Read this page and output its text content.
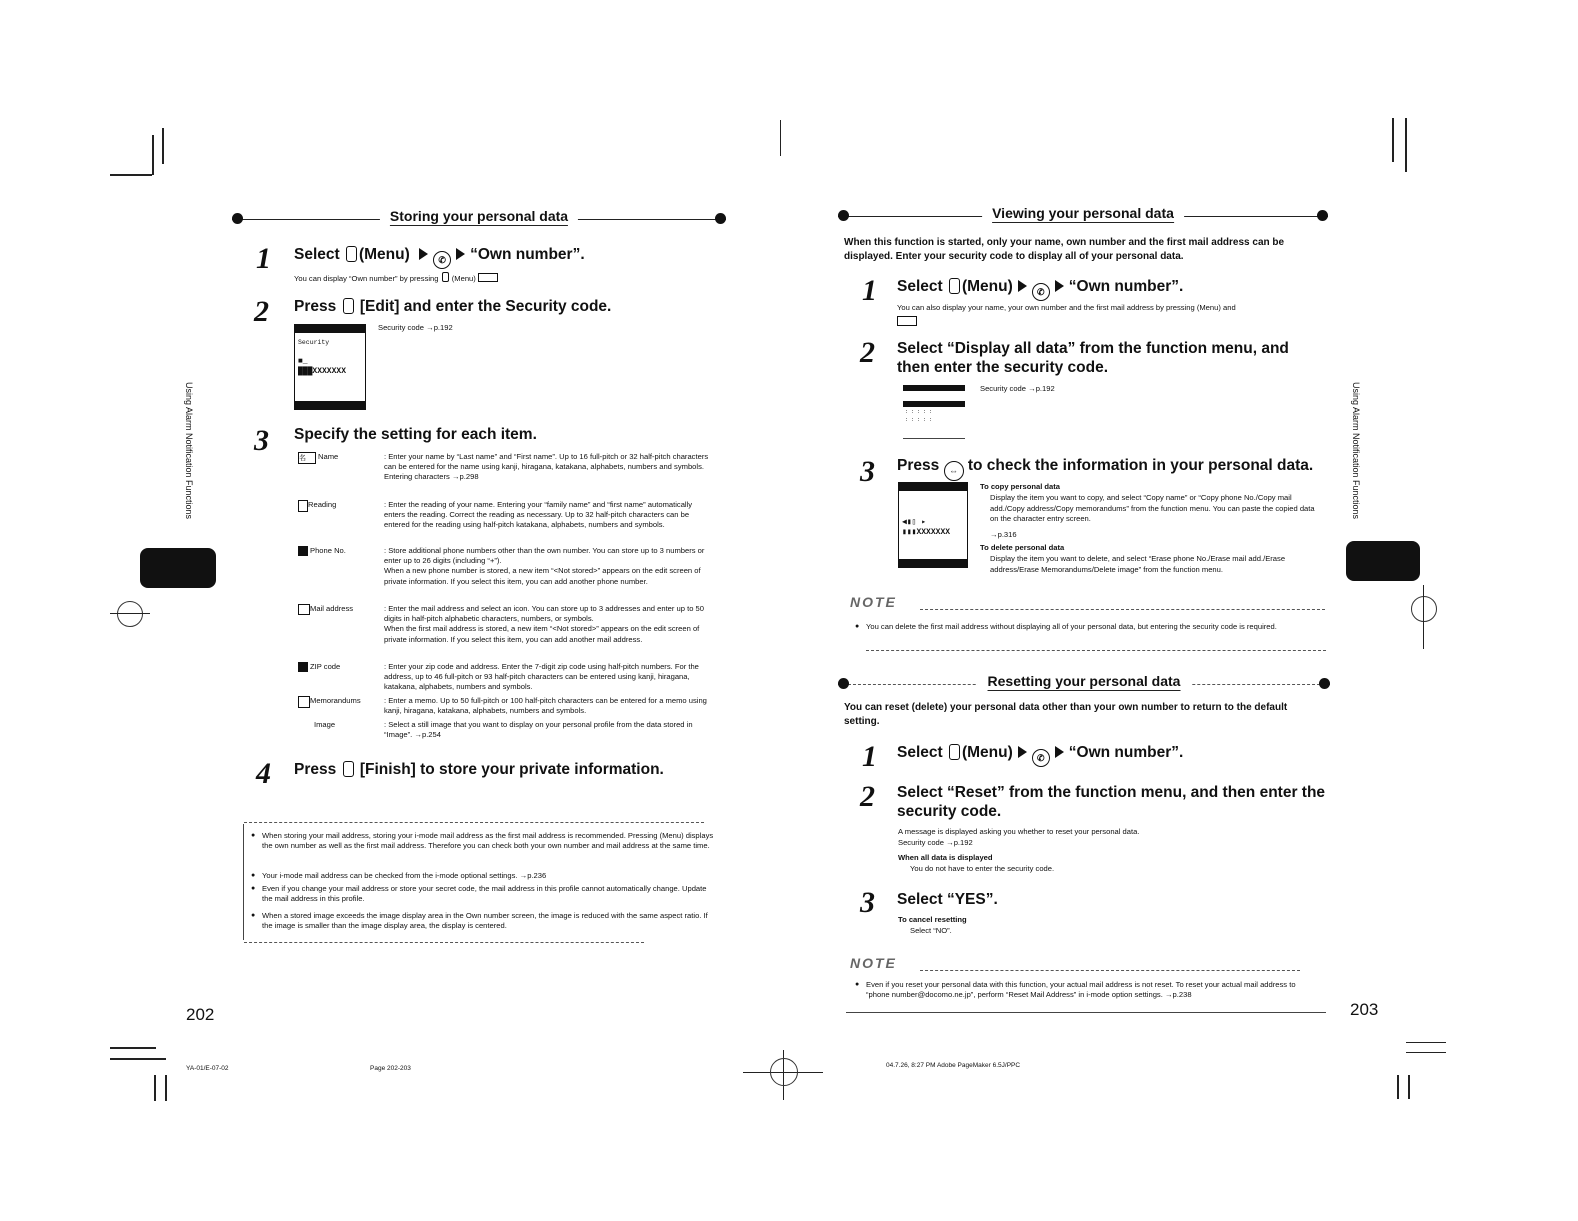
Using Alarm Notification Functions	Using Alarm Notification Functions
Storing your personal data
1 Select (Menu)	✆ “Own number”.
You can display “Own number” by pressing (Menu)
2 Press [Edit] and enter the Security code.
Security
■_
███XXXXXXX
Security code →p.192
3 Specify the setting for each item.
Name	: Enter your name by “Last name” and “First name”. Up to 16 full-pitch or 32 half-pitch characters can be entered for the name using kanji, hiragana, katakana, alphabets, numbers and symbols.
Entering characters →p.298
Reading	: Enter the reading of your name. Entering your “family name” and “first name” automatically enters the reading. Correct the reading as necessary. Up to 32 half-pitch characters can be entered for the reading using half-pitch katakana, alphabets, numbers and symbols.
Phone No.	: Store additional phone numbers other than the own number. You can store up to 3 numbers or enter up to 26 digits (including “+”).
When a new phone number is stored, a new item “<Not stored>” appears on the edit screen of private information. If you select this item, you can add another phone number.
Mail address	: Enter the mail address and select an icon. You can store up to 3 addresses and enter up to 50 digits in half-pitch alphabetic characters, numbers, or symbols.
When the first mail address is stored, a new item “<Not stored>” appears on the edit screen of private information. If you select this item, you can add another mail address.
ZIP code	: Enter your zip code and address. Enter the 7-digit zip code using half-pitch numbers. For the address, up to 46 full-pitch or 93 half-pitch characters can be entered using kanji, hiragana, katakana, alphabets, numbers and symbols.
Memorandums	: Enter a memo. Up to 50 full-pitch or 100 half-pitch characters can be entered for a memo using kanji, hiragana, katakana, alphabets, numbers and symbols.
Image	: Select a still image that you want to display on your personal profile from the data stored in “Image”. →p.254
名
4 Press [Finish] to store your private information.
● When storing your mail address, storing your i-mode mail address as the first mail address is recommended. Pressing (Menu) displays the own number as well as the first mail address. Therefore you can check both your own number and mail address at the same time.
● Your i-mode mail address can be checked from the i-mode optional settings. →p.236
● Even if you change your mail address or store your secret code, the mail address in this profile cannot automatically change. Update the mail address in this profile.
● When a stored image exceeds the image display area in the Own number screen, the image is reduced with the same aspect ratio. If the image is smaller than the image display area, the display is centered.
202
YA-01/E-07-02	Page 202-203
Viewing your personal data
When this function is started, only your name, own number and the first mail address can be displayed. Enter your security code to display all of your personal data.
1 Select (Menu)	✆ “Own number”.
You can also display your name, your own number and the first mail address by pressing (Menu) and
2 Select “Display all data” from the function menu, and then enter the security code.
: : : : :
: : : : :
Security code →p.192
3 Press ⇔ to check the information in your personal data.
◀▮▯ ▸
▮▮▮XXXXXXX
To copy personal data
Display the item you want to copy, and select “Copy name” or “Copy phone No./Copy mail add./Copy address/Copy memorandums” from the function menu. You can paste the copied data on the character entry screen.
→p.316
To delete personal data
Display the item you want to delete, and select “Erase phone No./Erase mail add./Erase address/Erase Memorandums/Delete image” from the function menu.
NOTE
● You can delete the first mail address without displaying all of your personal data, but entering the security code is required.
Resetting your personal data
You can reset (delete) your personal data other than your own number to return to the default setting.
1 Select (Menu)	✆ “Own number”.
2 Select “Reset” from the function menu, and then enter the security code.
A message is displayed asking you whether to reset your personal data.
Security code →p.192
When all data is displayed
You do not have to enter the security code.
3 Select “YES”.
To cancel resetting
Select “NO”.
NOTE
● Even if you reset your personal data with this function, your actual mail address is not reset. To reset your actual mail address to “phone number@docomo.ne.jp”, perform “Reset Mail Address” in i-mode option settings. →p.238
203
04.7.26, 8:27 PM Adobe PageMaker 6.5J/PPC
